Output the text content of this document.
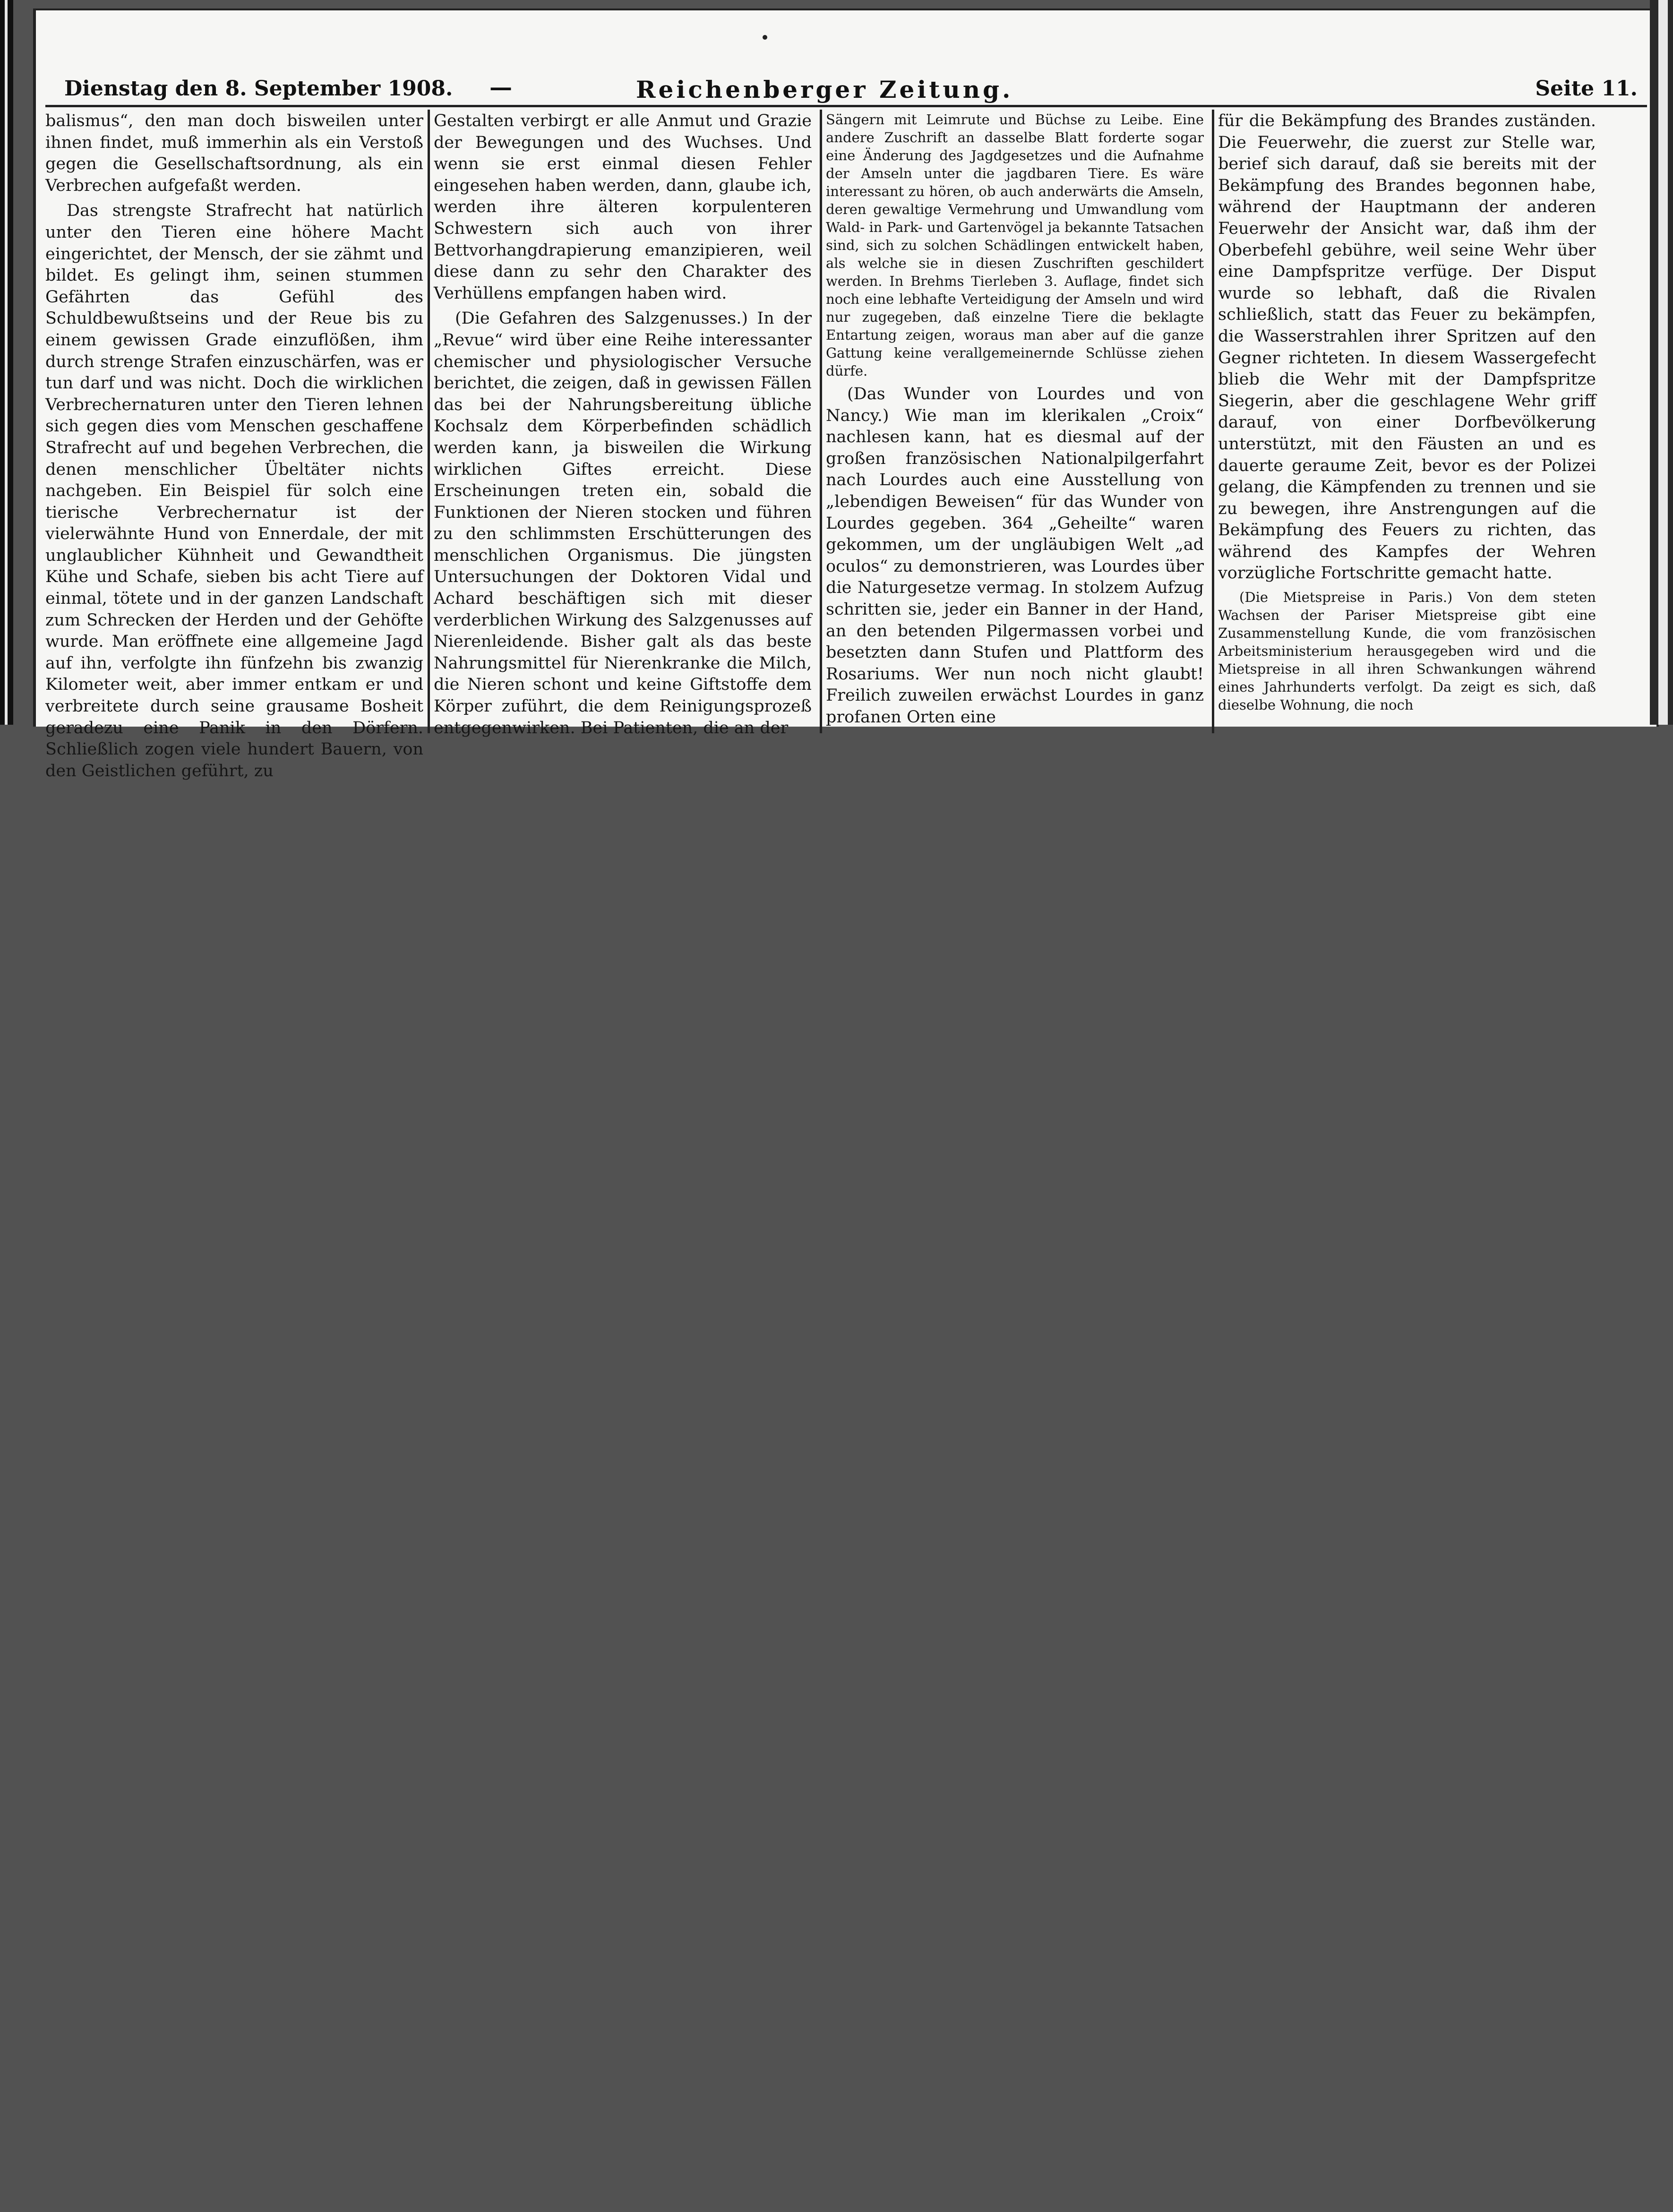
Dienstag den 8. September 1908. —	Reichenberger Zeitung.	Seite 11.

balismus“, den man doch bisweilen unter ihnen findet, muß immerhin als ein Verstoß gegen die Gesellschaftsordnung, als ein Verbrechen aufgefaßt werden.

Das strengste Strafrecht hat natürlich unter den Tieren eine höhere Macht eingerichtet, der Mensch, der sie zähmt und bildet. Es gelingt ihm, seinen stummen Gefährten das Gefühl des Schuldbewußtseins und der Reue bis zu einem gewissen Grade einzuflößen, ihm durch strenge Strafen einzuschärfen, was er tun darf und was nicht. Doch die wirklichen Verbrechernaturen unter den Tieren lehnen sich gegen dies vom Menschen geschaffene Strafrecht auf und begehen Verbrechen, die denen menschlicher Übeltäter nichts nachgeben. Ein Beispiel für solch eine tierische Verbrechernatur ist der vielerwähnte Hund von Ennerdale, der mit unglaublicher Kühnheit und Gewandtheit Kühe und Schafe, sieben bis acht Tiere auf einmal, tötete und in der ganzen Landschaft zum Schrecken der Herden und der Gehöfte wurde. Man eröffnete eine allgemeine Jagd auf ihn, verfolgte ihn fünfzehn bis zwanzig Kilometer weit, aber immer entkam er und verbreitete durch seine grausame Bosheit geradezu eine Panik in den Dörfern. Schließlich zogen viele hundert Bauern, von den Geistlichen geführt, zu

Gestalten verbirgt er alle Anmut und Grazie der Bewegungen und des Wuchses. Und wenn sie erst einmal diesen Fehler eingesehen haben werden, dann, glaube ich, werden ihre älteren korpulenteren Schwestern sich auch von ihrer Bettvorhangdrapierung emanzipieren, weil diese dann zu sehr den Charakter des Verhüllens empfangen haben wird.

(Die Gefahren des Salzgenusses.) In der „Revue“ wird über eine Reihe interessanter chemischer und physiologischer Versuche berichtet, die zeigen, daß in gewissen Fällen das bei der Nahrungsbereitung übliche Kochsalz dem Körperbefinden schädlich werden kann, ja bisweilen die Wirkung wirklichen Giftes erreicht. Diese Erscheinungen treten ein, sobald die Funktionen der Nieren stocken und führen zu den schlimmsten Erschütterungen des menschlichen Organismus. Die jüngsten Untersuchungen der Doktoren Vidal und Achard beschäftigen sich mit dieser verderblichen Wirkung des Salzgenusses auf Nierenleidende. Bisher galt als das beste Nahrungsmittel für Nierenkranke die Milch, die Nieren schont und keine Giftstoffe dem Körper zuführt, die dem Reinigungsprozeß entgegenwirken. Bei Patienten, die an der

Sängern mit Leimrute und Büchse zu Leibe. Eine andere Zuschrift an dasselbe Blatt forderte sogar eine Änderung des Jagdgesetzes und die Aufnahme der Amseln unter die jagdbaren Tiere. Es wäre interessant zu hören, ob auch anderwärts die Amseln, deren gewaltige Vermehrung und Umwandlung vom Wald- in Park- und Gartenvögel ja bekannte Tatsachen sind, sich zu solchen Schädlingen entwickelt haben, als welche sie in diesen Zuschriften geschildert werden. In Brehms Tierleben 3. Auflage, findet sich noch eine lebhafte Verteidigung der Amseln und wird nur zugegeben, daß einzelne Tiere die beklagte Entartung zeigen, woraus man aber auf die ganze Gattung keine verallgemeinernde Schlüsse ziehen dürfe.

(Das Wunder von Lourdes und von Nancy.) Wie man im klerikalen „Croix“ nachlesen kann, hat es diesmal auf der großen französischen Nationalpilgerfahrt nach Lourdes auch eine Ausstellung von „lebendigen Beweisen“ für das Wunder von Lourdes gegeben. 364 „Geheilte“ waren gekommen, um der ungläubigen Welt „ad oculos“ zu demonstrieren, was Lourdes über die Naturgesetze vermag. In stolzem Aufzug schritten sie, jeder ein Banner in der Hand, an den betenden Pilgermassen vorbei und besetzten dann Stufen und Plattform des Rosariums. Wer nun noch nicht glaubt! Freilich zuweilen erwächst Lourdes in ganz profanen Orten eine

für die Bekämpfung des Brandes zuständen. Die Feuerwehr, die zuerst zur Stelle war, berief sich darauf, daß sie bereits mit der Bekämpfung des Brandes begonnen habe, während der Hauptmann der anderen Feuerwehr der Ansicht war, daß ihm der Oberbefehl gebühre, weil seine Wehr über eine Dampfspritze verfüge. Der Disput wurde so lebhaft, daß die Rivalen schließlich, statt das Feuer zu bekämpfen, die Wasserstrahlen ihrer Spritzen auf den Gegner richteten. In diesem Wassergefecht blieb die Wehr mit der Dampfspritze Siegerin, aber die geschlagene Wehr griff darauf, von einer Dorfbevölkerung unterstützt, mit den Fäusten an und es dauerte geraume Zeit, bevor es der Polizei gelang, die Kämpfenden zu trennen und sie zu bewegen, ihre Anstrengungen auf die Bekämpfung des Feuers zu richten, das während des Kampfes der Wehren vorzügliche Fortschritte gemacht hatte.

(Die Mietspreise in Paris.) Von dem steten Wachsen der Pariser Mietspreise gibt eine Zusammenstellung Kunde, die vom französischen Arbeitsministerium herausgegeben wird und die Mietspreise in all ihren Schwankungen während eines Jahrhunderts verfolgt. Da zeigt es sich, daß dieselbe Wohnung, die noch
